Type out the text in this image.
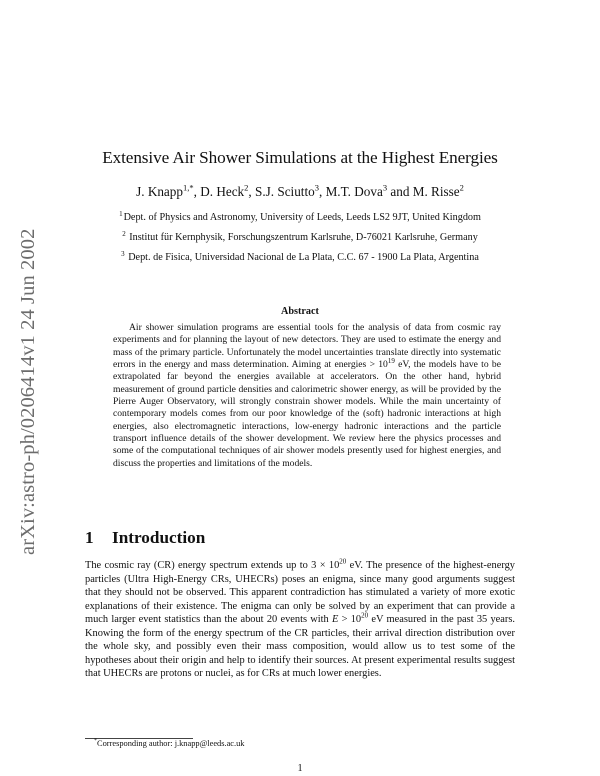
arXiv:astro-ph/0206414v1 24 Jun 2002
Extensive Air Shower Simulations at the Highest Energies
J. Knapp$^{1,*}$, D. Heck$^2$, S.J. Sciutto$^3$, M.T. Dova$^3$ and M. Risse$^2$
$^1$Dept. of Physics and Astronomy, University of Leeds, Leeds LS2 9JT, United Kingdom
$^2$ Institut für Kernphysik, Forschungszentrum Karlsruhe, D-76021 Karlsruhe, Germany
$^3$ Dept. de Fisica, Universidad Nacional de La Plata, C.C. 67 - 1900 La Plata, Argentina
Abstract
Air shower simulation programs are essential tools for the analysis of data from cosmic ray experiments and for planning the layout of new detectors. They are used to estimate the energy and mass of the primary particle. Unfortunately the model uncertainties translate directly into systematic errors in the energy and mass determination. Aiming at energies > $10^{19}$ eV, the models have to be extrapolated far beyond the energies available at accelerators. On the other hand, hybrid measurement of ground particle densities and calorimetric shower energy, as will be provided by the Pierre Auger Observatory, will strongly constrain shower models. While the main uncertainty of contemporary models comes from our poor knowledge of the (soft) hadronic interactions at high energies, also electromagnetic interactions, low-energy hadronic interactions and the particle transport influence details of the shower development. We review here the physics processes and some of the computational techniques of air shower models presently used for highest energies, and discuss the properties and limitations of the models.
1 Introduction
The cosmic ray (CR) energy spectrum extends up to $3 \times 10^{20}$ eV. The presence of the highest-energy particles (Ultra High-Energy CRs, UHECRs) poses an enigma, since many good arguments suggest that they should not be observed. This apparent contradiction has stimulated a variety of more exotic explanations of their existence. The enigma can only be solved by an experiment that can provide a much larger event statistics than the about 20 events with $E > 10^{20}$ eV measured in the past 35 years. Knowing the form of the energy spectrum of the CR particles, their arrival direction distribution over the whole sky, and possibly even their mass composition, would allow us to test some of the hypotheses about their origin and help to identify their sources. At present experimental results suggest that UHECRs are protons or nuclei, as for CRs at much lower energies.
*Corresponding author: j.knapp@leeds.ac.uk
1
